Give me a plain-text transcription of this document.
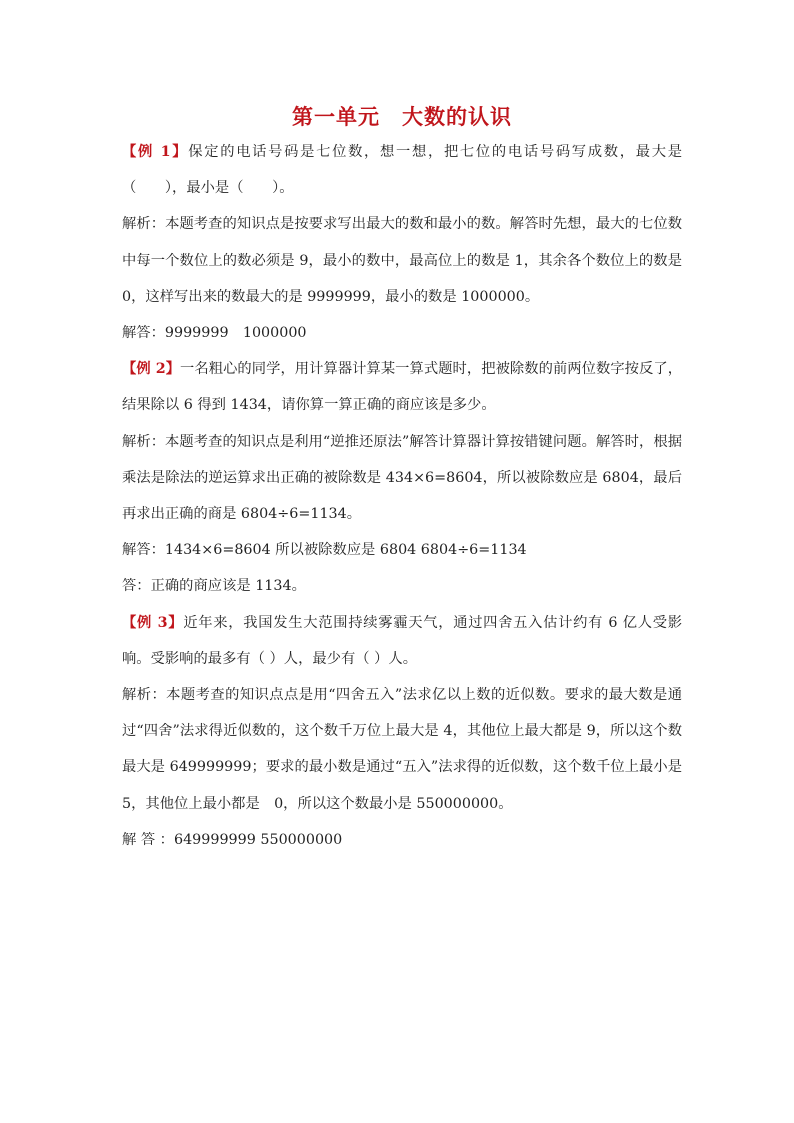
第一单元　大数的认识

【例 1】保定的电话号码是七位数，想一想，把七位的电话号码写成数，最大是（　　），最小是（　　）。

解析：本题考查的知识点是按要求写出最大的数和最小的数。解答时先想，最大的七位数中每一个数位上的数必须是 9，最小的数中，最高位上的数是 1，其余各个数位上的数是 0，这样写出来的数最大的是 9999999，最小的数是 1000000。

解答：9999999　1000000

【例 2】一名粗心的同学，用计算器计算某一算式题时，把被除数的前两位数字按反了，结果除以 6 得到 1434，请你算一算正确的商应该是多少。

解析：本题考查的知识点是利用“逆推还原法”解答计算器计算按错键问题。解答时，根据乘法是除法的逆运算求出正确的被除数是 434×6=8604，所以被除数应是 6804，最后再求出正确的商是 6804÷6=1134。

解答：1434×6=8604 所以被除数应是 6804 6804÷6=1134

答：正确的商应该是 1134。

【例 3】近年来，我国发生大范围持续雾霾天气，通过四舍五入估计约有 6 亿人受影响。受影响的最多有（ ）人，最少有（ ）人。

解析：本题考查的知识点点是用“四舍五入”法求亿以上数的近似数。要求的最大数是通过“四舍”法求得近似数的，这个数千万位上最大是 4，其他位上最大都是 9，所以这个数最大是 649999999；要求的最小数是通过“五入”法求得的近似数，这个数千位上最小是　5，其他位上最小都是　0，所以这个数最小是 550000000。

解 答 ：649999999 550000000
